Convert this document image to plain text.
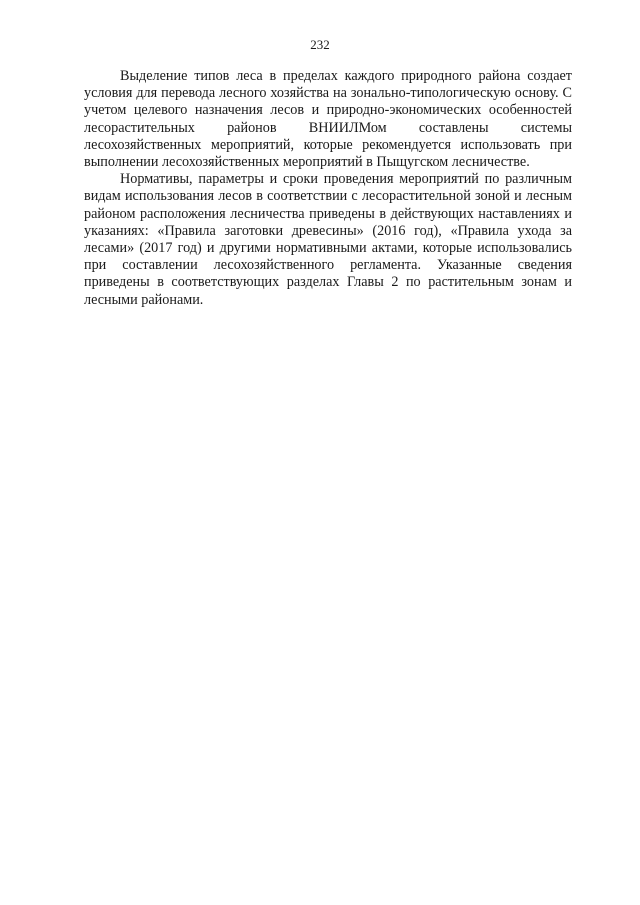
232

Выделение типов леса в пределах каждого природного района создает условия для перевода лесного хозяйства на зонально-типологическую основу. С учетом целевого назначения лесов и природно-экономических особенностей лесорастительных районов ВНИИЛМом составлены системы лесохозяйственных мероприятий, которые рекомендуется использовать при выполнении лесохозяйственных мероприятий в Пыщугском лесничестве.

Нормативы, параметры и сроки проведения мероприятий по различным видам использования лесов в соответствии с лесорастительной зоной и лесным районом расположения лесничества приведены в действующих наставлениях и указаниях: «Правила заготовки древесины» (2016 год), «Правила ухода за лесами» (2017 год) и другими нормативными актами, которые использовались при составлении лесохозяйственного регламента. Указанные сведения приведены в соответствующих разделах Главы 2 по растительным зонам и лесными районами.
